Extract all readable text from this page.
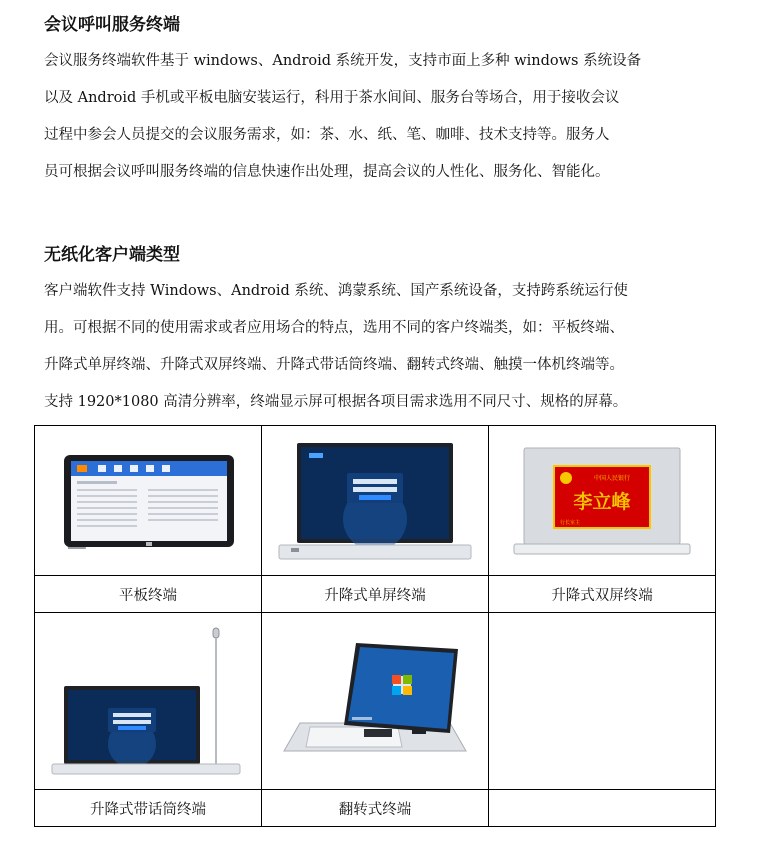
会议呼叫服务终端
会议服务终端软件基于 windows、Android 系统开发，支持市面上多种 windows 系统设备
以及 Android 手机或平板电脑安装运行，科用于茶水间间、服务台等场合，用于接收会议
过程中参会人员提交的会议服务需求，如：茶、水、纸、笔、咖啡、技术支持等。服务人
员可根据会议呼叫服务终端的信息快速作出处理，提高会议的人性化、服务化、智能化。
无纸化客户端类型
客户端软件支持 Windows、Android 系统、鸿蒙系统、国产系统设备，支持跨系统运行使
用。可根据不同的使用需求或者应用场合的特点，选用不同的客户终端类，如：平板终端、
升降式单屏终端、升降式双屏终端、升降式带话筒终端、翻转式终端、触摸一体机终端等。
支持 1920*1080 高清分辨率，终端显示屏可根据各项目需求选用不同尺寸、规格的屏幕。

中国人民银行
李立峰
行长室主

平板终端	升降式单屏终端	升降式双屏终端

升降式带话筒终端	翻转式终端	
